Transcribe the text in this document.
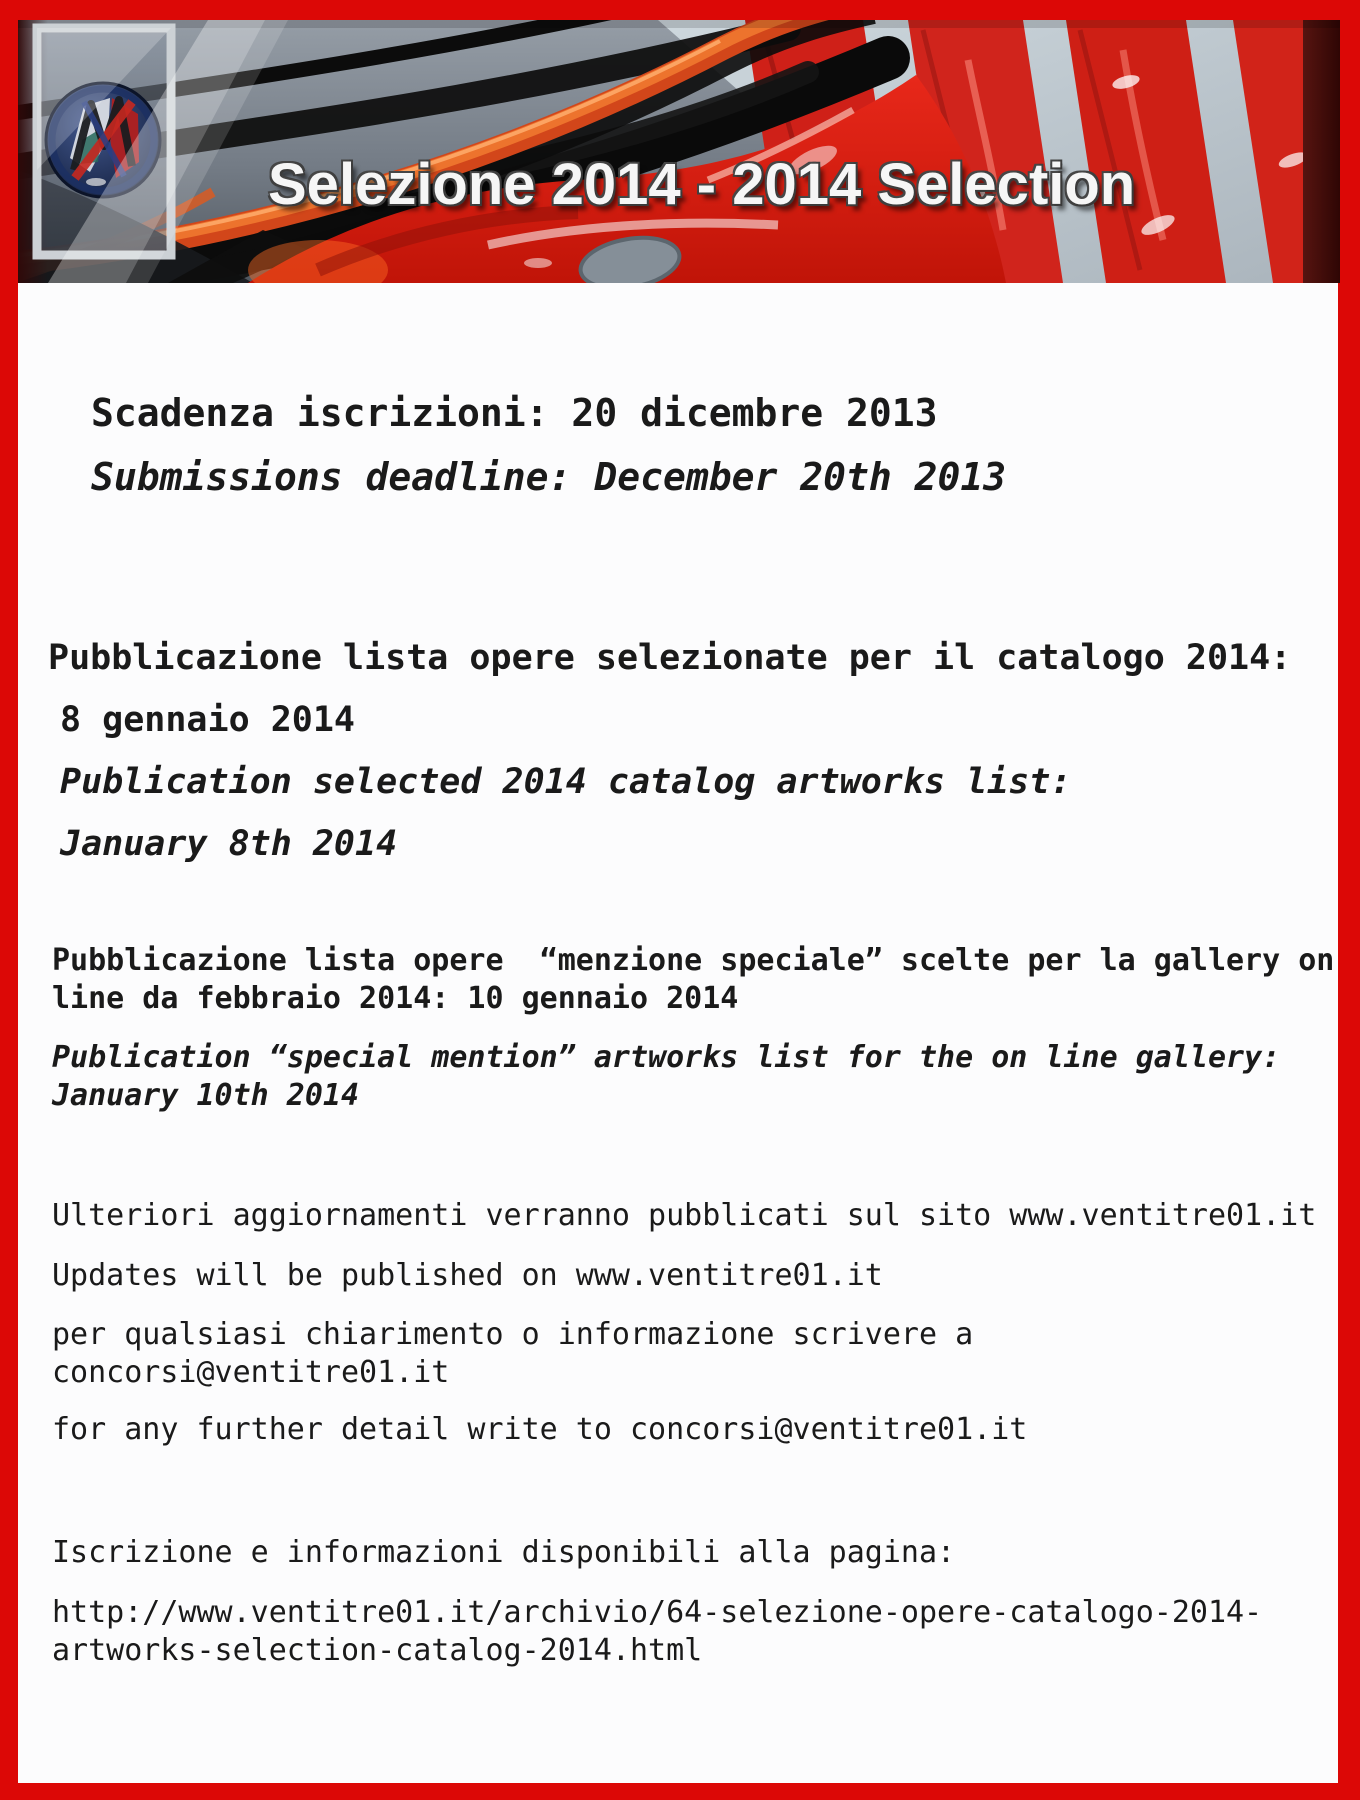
Selezione 2014 - 2014 Selection

Scadenza iscrizioni: 20 dicembre 2013

Submissions deadline: December 20th 2013

Pubblicazione lista opere selezionate per il catalogo 2014:

8 gennaio 2014

Publication selected 2014 catalog artworks list:

January 8th 2014

Pubblicazione lista opere  “menzione speciale” scelte per la gallery on line da febbraio 2014: 10 gennaio 2014

Publication “special mention” artworks list for the on line gallery: January 10th 2014

Ulteriori aggiornamenti verranno pubblicati sul sito www.ventitre01.it

Updates will be published on www.ventitre01.it

per qualsiasi chiarimento o informazione scrivere a concorsi@ventitre01.it

for any further detail write to concorsi@ventitre01.it

Iscrizione e informazioni disponibili alla pagina:

http://www.ventitre01.it/archivio/64-selezione-opere-catalogo-2014-artworks-selection-catalog-2014.html
